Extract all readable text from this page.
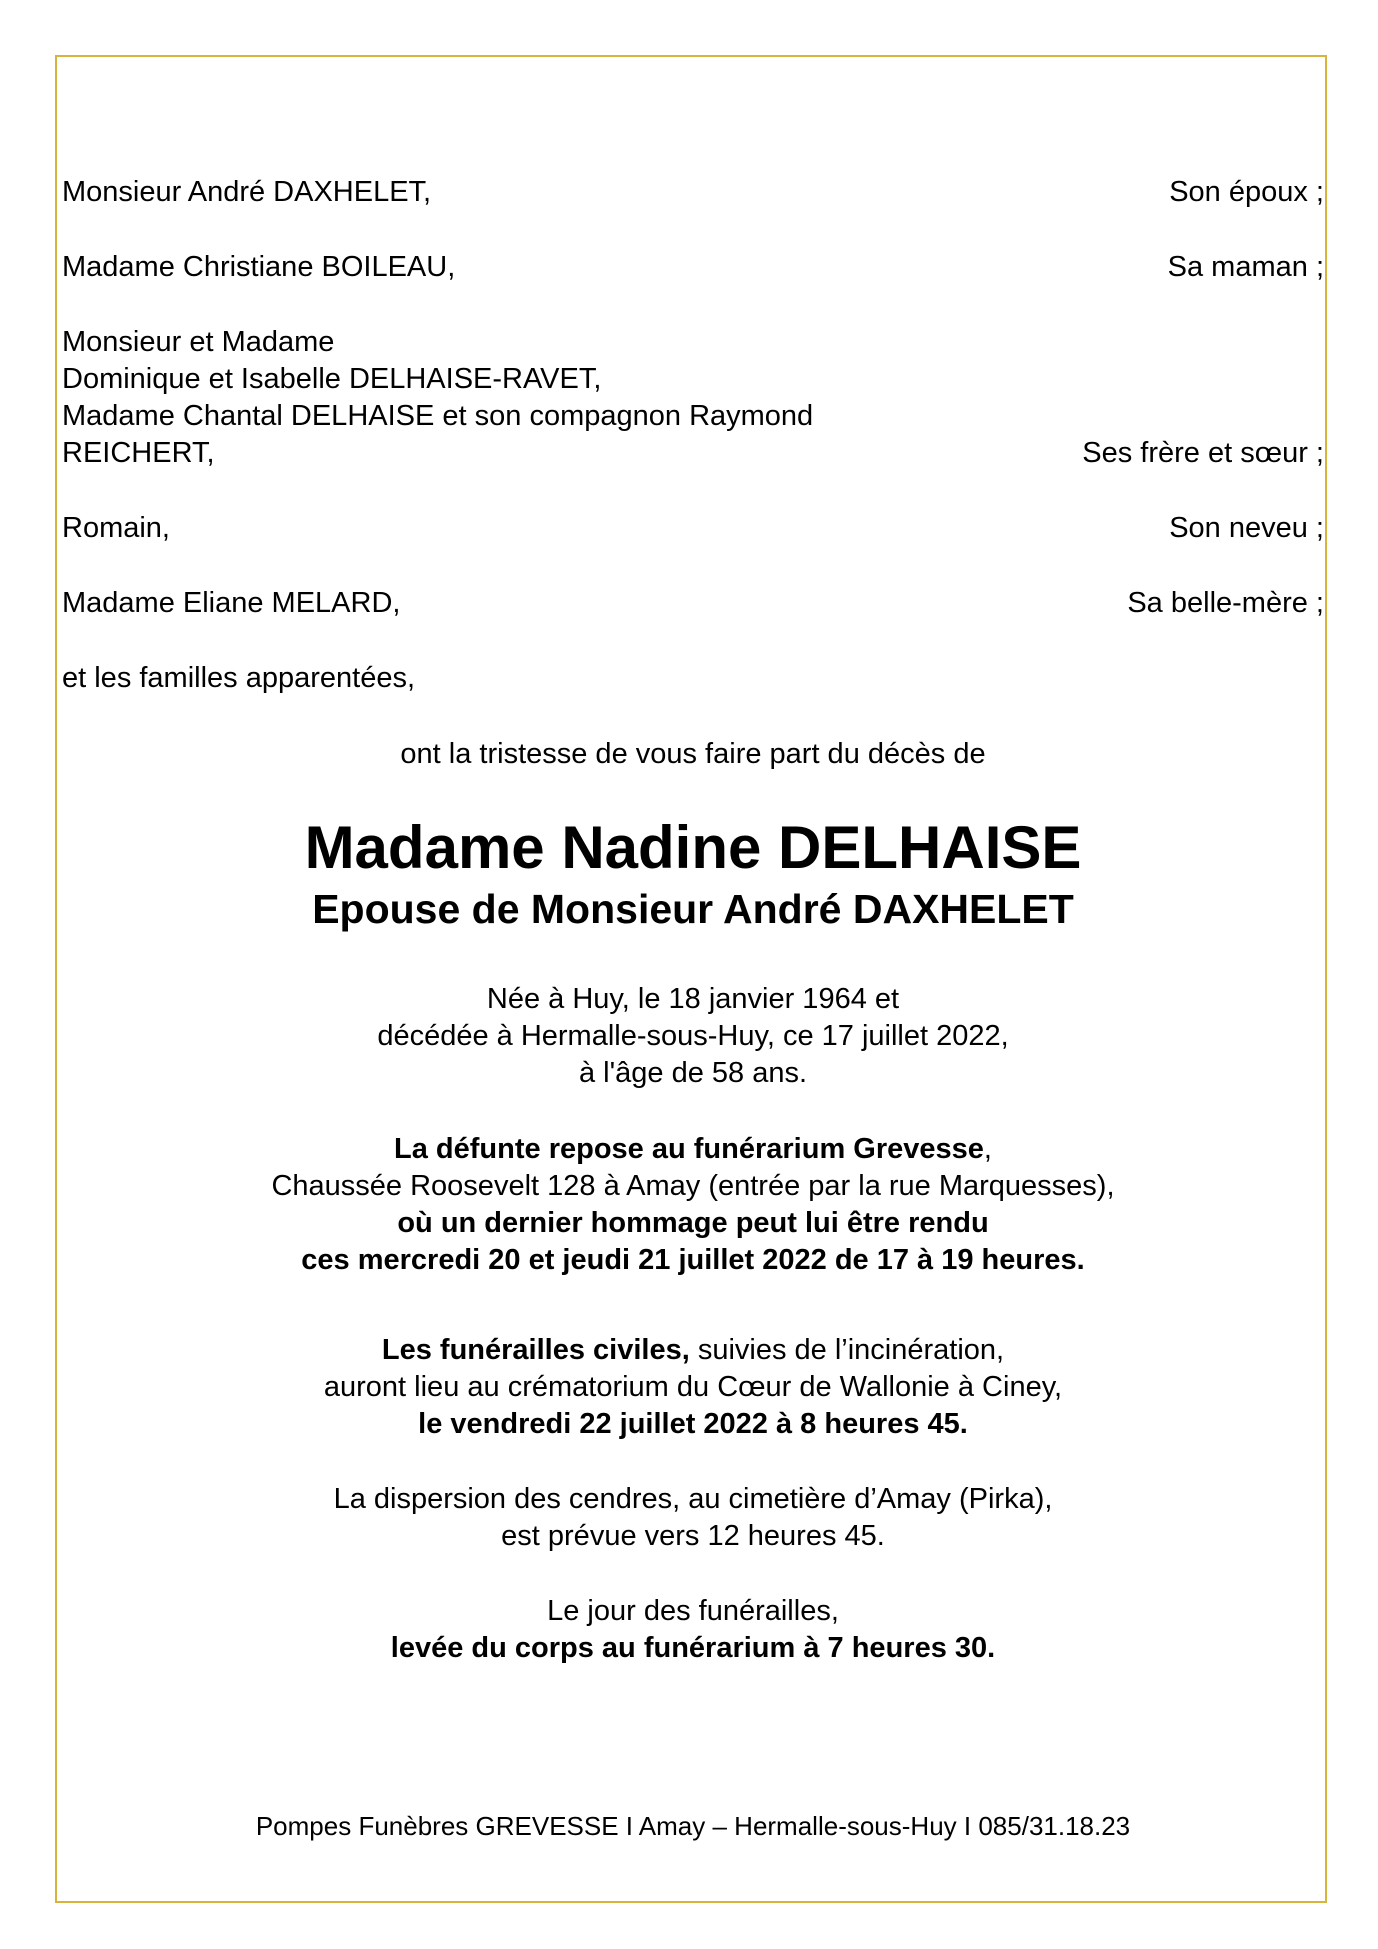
Monsieur André DAXHELET,	Son époux ;
Madame Christiane BOILEAU,	Sa maman ;
Monsieur et Madame
Dominique et Isabelle DELHAISE-RAVET,
Madame Chantal DELHAISE et son compagnon Raymond
REICHERT,	Ses frère et sœur ;
Romain,	Son neveu ;
Madame Eliane MELARD,	Sa belle-mère ;
et les familles apparentées,
ont la tristesse de vous faire part du décès de
Madame Nadine DELHAISE
Epouse de Monsieur André DAXHELET
Née à Huy, le 18 janvier 1964 et
décédée à Hermalle-sous-Huy, ce 17 juillet 2022,
à l'âge de 58 ans.
La défunte repose au funérarium Grevesse,
Chaussée Roosevelt 128 à Amay (entrée par la rue Marquesses),
où un dernier hommage peut lui être rendu
ces mercredi 20 et jeudi 21 juillet 2022 de 17 à 19 heures.
Les funérailles civiles, suivies de l’incinération,
auront lieu au crématorium du Cœur de Wallonie à Ciney,
le vendredi 22 juillet 2022 à 8 heures 45.
La dispersion des cendres, au cimetière d’Amay (Pirka),
est prévue vers 12 heures 45.
Le jour des funérailles,
levée du corps au funérarium à 7 heures 30.
Pompes Funèbres GREVESSE I Amay – Hermalle-sous-Huy I 085/31.18.23
